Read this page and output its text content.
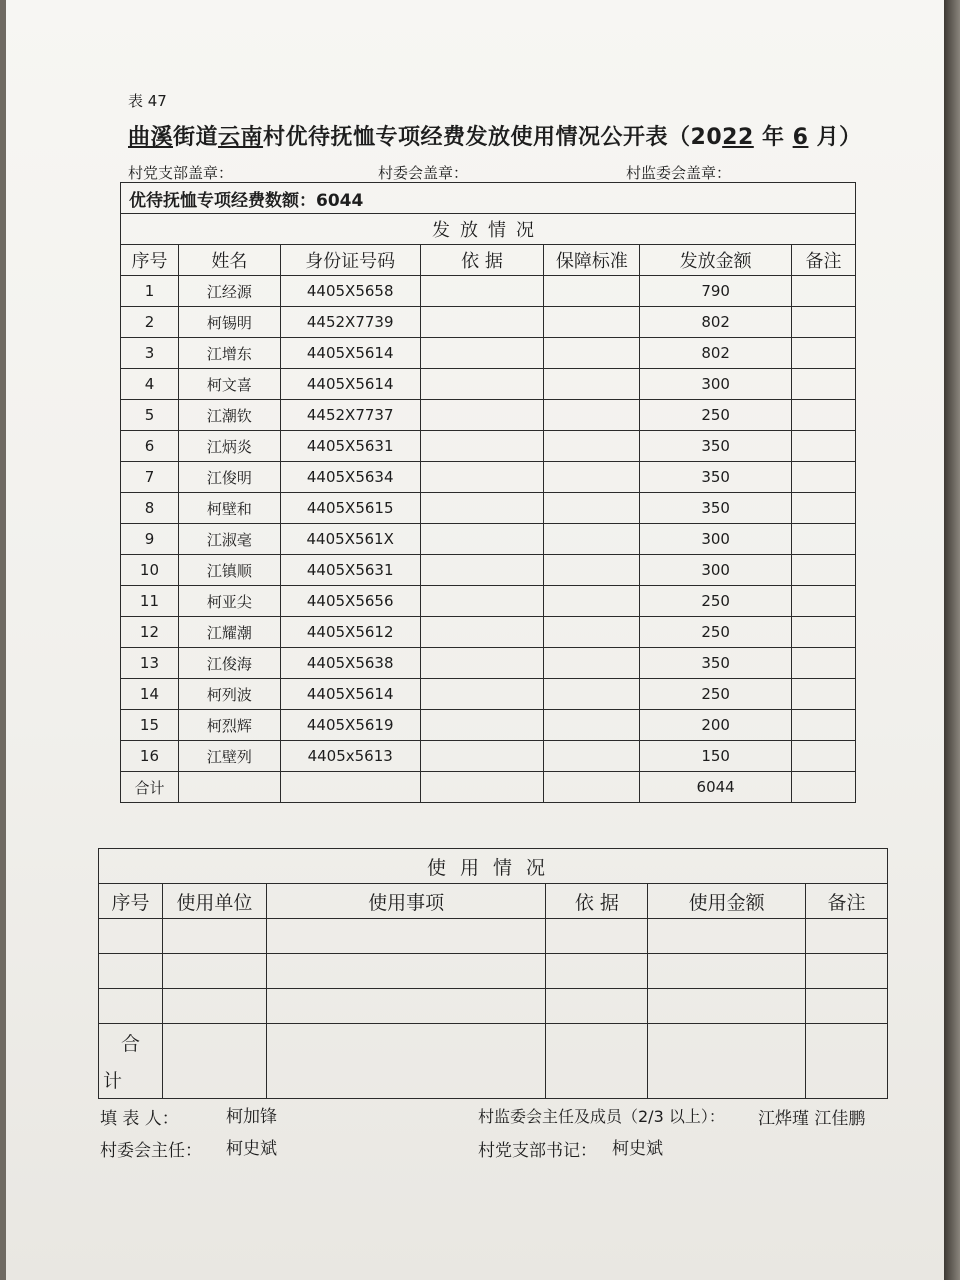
表 47
曲溪街道云南村优待抚恤专项经费发放使用情况公开表（2022 年 6 月）
村党支部盖章：	村委会盖章：	村监委会盖章：
优待抚恤专项经费数额：6044						
发放情况						
序号	姓名	身份证号码	依 据	保障标准	发放金额	备注
1	江经源	4405X5658			790	
2	柯锡明	4452X7739			802	
3	江增东	4405X5614			802	
4	柯文喜	4405X5614			300	
5	江潮钦	4452X7737			250	
6	江炳炎	4405X5631			350	
7	江俊明	4405X5634			350	
8	柯壁和	4405X5615			350	
9	江淑毫	4405X561X			300	
10	江镇顺	4405X5631			300	
11	柯亚尖	4405X5656			250	
12	江耀潮	4405X5612			250	
13	江俊海	4405X5638			350	
14	柯列波	4405X5614			250	
15	柯烈辉	4405X5619			200	
16	江壁列	4405x5613			150	
合计					6044	
使用情况					
序号	使用单位	使用事项	依 据	使用金额	备注

合
计					

填 表 人：	柯加锋
村委会主任： 柯史斌
村监委会主任及成员（2/3 以上）： 江烨瑾 江佳鹏
村党支部书记： 柯史斌
